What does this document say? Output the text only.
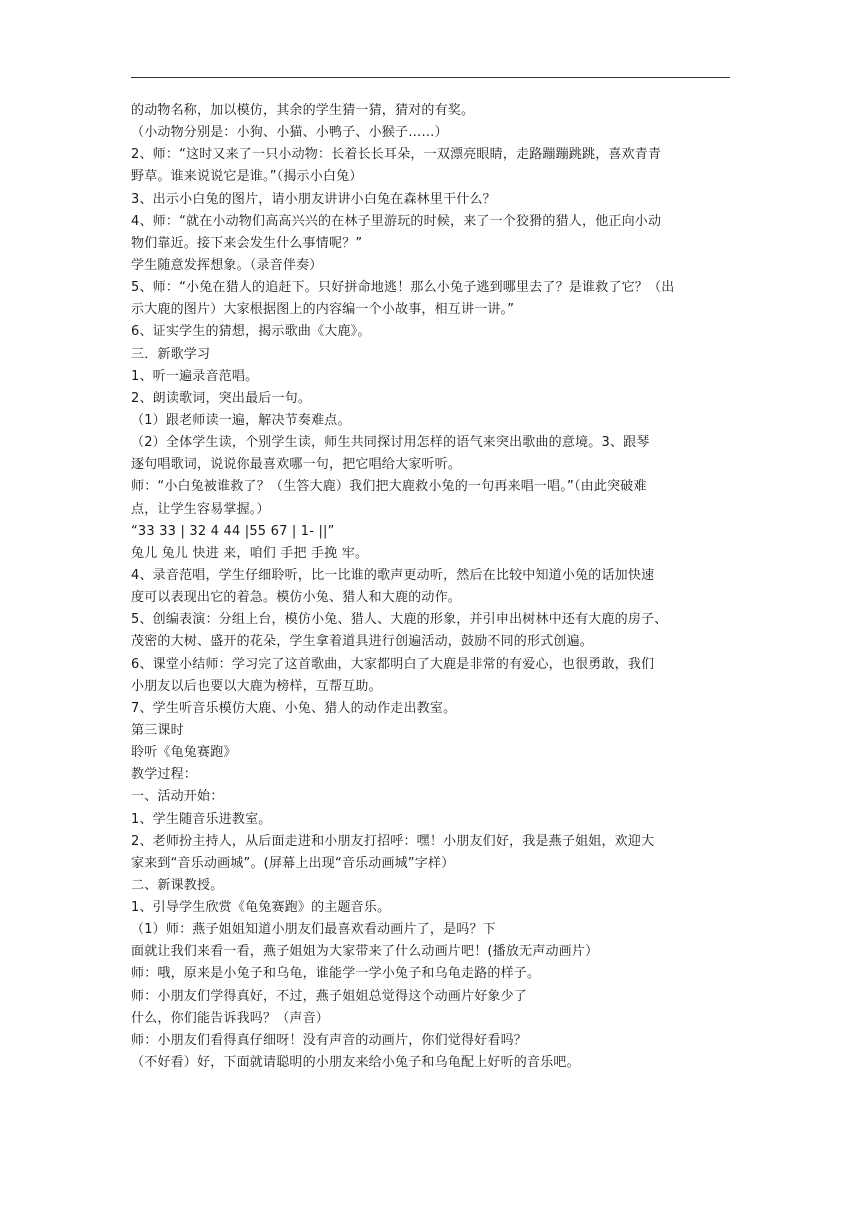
的动物名称，加以模仿，其余的学生猜一猜，猜对的有奖。
（小动物分别是：小狗、小猫、小鸭子、小猴子……）
2、师：“这时又来了一只小动物：长着长长耳朵，一双漂亮眼睛，走路蹦蹦跳跳，喜欢青青
野草。谁来说说它是谁。”（揭示小白兔）
3、出示小白兔的图片，请小朋友讲讲小白兔在森林里干什么？
4、师：“就在小动物们高高兴兴的在林子里游玩的时候，来了一个狡猾的猎人，他正向小动
物们靠近。接下来会发生什么事情呢？”
学生随意发挥想象。（录音伴奏）
5、师：“小兔在猎人的追赶下。只好拼命地逃！那么小兔子逃到哪里去了？是谁救了它？（出
示大鹿的图片）大家根据图上的内容编一个小故事，相互讲一讲。”
6、证实学生的猜想，揭示歌曲《大鹿》。
三．新歌学习
1、听一遍录音范唱。
2、朗读歌词，突出最后一句。
（1）跟老师读一遍，解决节奏难点。
（2）全体学生读，个别学生读，师生共同探讨用怎样的语气来突出歌曲的意境。3、跟琴
逐句唱歌词，说说你最喜欢哪一句，把它唱给大家听听。
师：“小白兔被谁救了？（生答大鹿）我们把大鹿救小兔的一句再来唱一唱。”（由此突破难
点，让学生容易掌握。）
“33 33 | 32 4 44 |55 67 | 1- ||”
兔儿 兔儿 快进 来，咱们 手把 手挽 牢。
4、录音范唱，学生仔细聆听，比一比谁的歌声更动听，然后在比较中知道小兔的话加快速
度可以表现出它的着急。模仿小兔、猎人和大鹿的动作。
5、创编表演：分组上台，模仿小兔、猎人、大鹿的形象，并引申出树林中还有大鹿的房子、
茂密的大树、盛开的花朵，学生拿着道具进行创遍活动，鼓励不同的形式创遍。
6、课堂小结师：学习完了这首歌曲，大家都明白了大鹿是非常的有爱心，也很勇敢，我们
小朋友以后也要以大鹿为榜样，互帮互助。
7、学生听音乐模仿大鹿、小兔、猎人的动作走出教室。
第三课时
聆听《龟兔赛跑》
教学过程：
一、活动开始：
1、学生随音乐进教室。
2、老师扮主持人，从后面走进和小朋友打招呼：嘿！小朋友们好，我是燕子姐姐，欢迎大
家来到“音乐动画城”。(屏幕上出现“音乐动画城”字样）
二、新课教授。
1、引导学生欣赏《龟兔赛跑》的主题音乐。
（1）师：燕子姐姐知道小朋友们最喜欢看动画片了，是吗？下
面就让我们来看一看，燕子姐姐为大家带来了什么动画片吧！(播放无声动画片）
师：哦，原来是小兔子和乌龟，谁能学一学小兔子和乌龟走路的样子。
师：小朋友们学得真好，不过，燕子姐姐总觉得这个动画片好象少了
什么，你们能告诉我吗？（声音）
师：小朋友们看得真仔细呀！没有声音的动画片，你们觉得好看吗？
（不好看）好，下面就请聪明的小朋友来给小兔子和乌龟配上好听的音乐吧。
